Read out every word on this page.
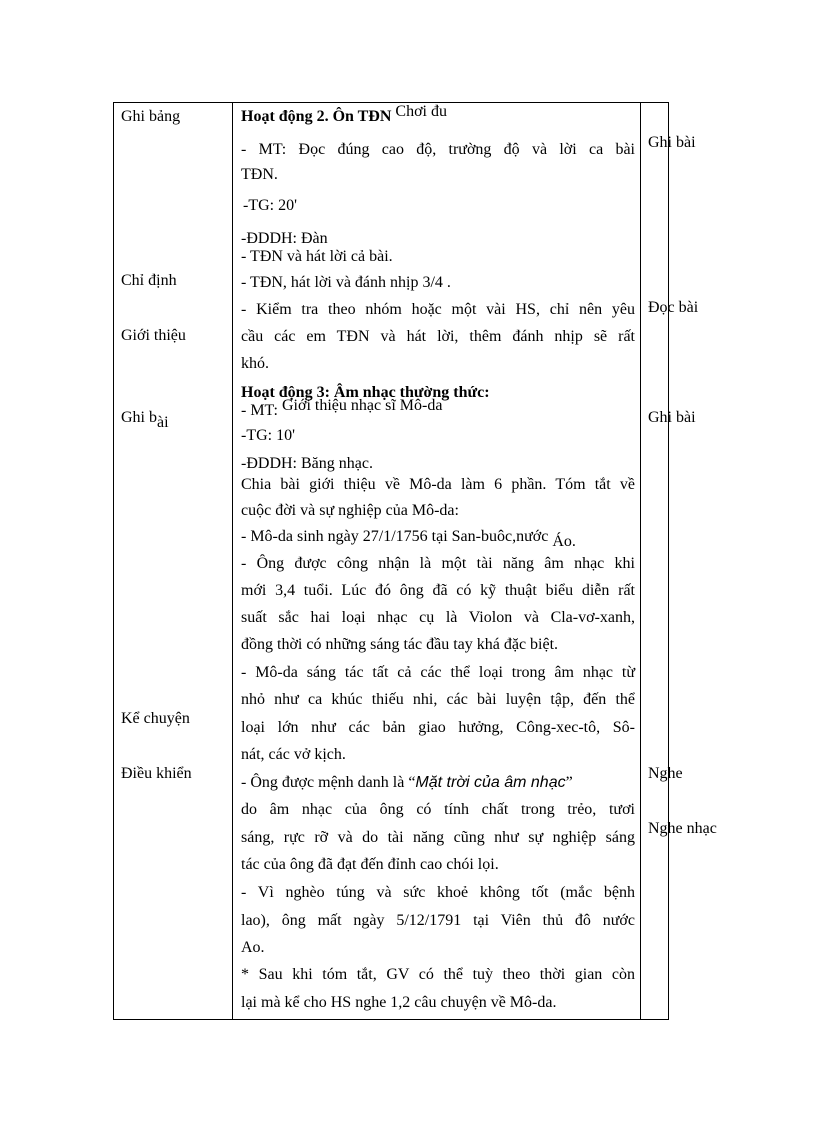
Ghi bảng
Chỉ định
Giới thiệu
Ghi bài
Kể chuyện
Điều khiển
Hoạt động 2. Ôn TĐN Chơi đu
- MT: Đọc đúng cao độ, trường độ và lời ca bài
TĐN.
-TG: 20'
-ĐDDH: Đàn
- TĐN và hát lời cả bài.
- TĐN, hát lời và đánh nhịp 3/4 .
- Kiểm tra theo nhóm hoặc một vài HS, chỉ nên yêu
cầu các em TĐN và hát lời, thêm đánh nhịp sẽ rất
khó.
Hoạt động 3: Âm nhạc thường thức:
- MT: Giới thiệu nhạc sĩ Mô-da
-TG: 10'
-ĐDDH: Băng nhạc.
Chia bài giới thiệu về Mô-da làm 6 phần. Tóm tắt về
cuộc đời và sự nghiệp của Mô-da:
- Mô-da sinh ngày 27/1/1756 tại San-buôc,nước Áo.
- Ông được công nhận là một tài năng âm nhạc khi
mới 3,4 tuổi. Lúc đó ông đã có kỹ thuật biểu diễn rất
suất sắc hai loại nhạc cụ là Violon và Cla-vơ-xanh,
đồng thời có những sáng tác đầu tay khá đặc biệt.
- Mô-da sáng tác tất cả các thể loại trong âm nhạc từ
nhỏ như ca khúc thiếu nhi, các bài luyện tập, đến thể
loại lớn như các bản giao hưởng, Công-xec-tô, Sô-
nát, các vở kịch.
- Ông được mệnh danh là “Mặt trời của âm nhạc”
do âm nhạc của ông có tính chất trong trẻo, tươi
sáng, rực rỡ và do tài năng cũng như sự nghiệp sáng
tác của ông đã đạt đến đỉnh cao chói lọi.
- Vì nghèo túng và sức khoẻ không tốt (mắc bệnh
lao), ông mất ngày 5/12/1791 tại Viên thủ đô nước
Ao.
* Sau khi tóm tắt, GV có thể tuỳ theo thời gian còn
lại mà kể cho HS nghe 1,2 câu chuyện về Mô-da.
Ghi bài
Đọc bài
Ghi bài
Nghe
Nghe nhạc
